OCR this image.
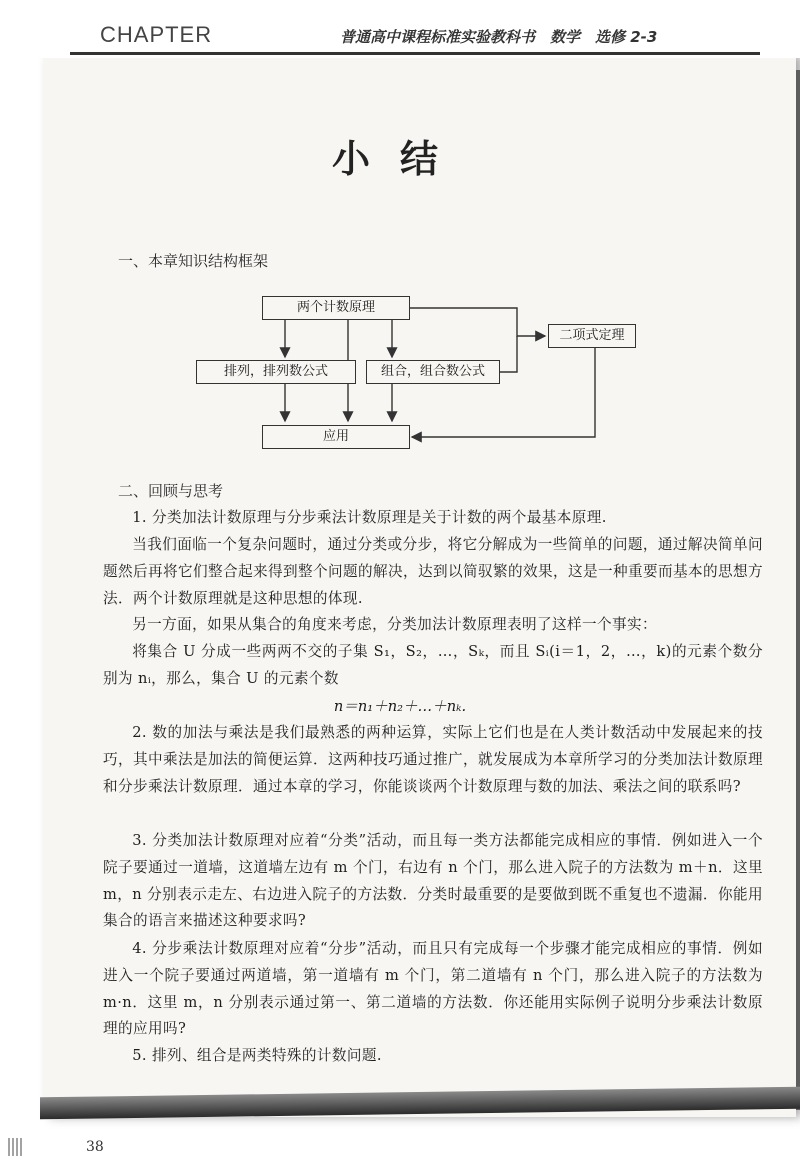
CHAPTER	普通高中课程标准实验教科书　数学　选修 2-3
小结
一、本章知识结构框架
两个计数原理
排列，排列数公式	组合，组合数公式
二项式定理
应用
二、回顾与思考

1. 分类加法计数原理与分步乘法计数原理是关于计数的两个最基本原理.

当我们面临一个复杂问题时，通过分类或分步，将它分解成为一些简单的问题，通过解决简单问题然后再将它们整合起来得到整个问题的解决，达到以简驭繁的效果，这是一种重要而基本的思想方法．两个计数原理就是这种思想的体现.

另一方面，如果从集合的角度来考虑，分类加法计数原理表明了这样一个事实：

将集合 U 分成一些两两不交的子集 S₁，S₂，…，Sₖ，而且 Sᵢ(i＝1，2，…，k)的元素个数分别为 nᵢ，那么，集合 U 的元素个数

n＝n₁＋n₂＋…＋nₖ.

2. 数的加法与乘法是我们最熟悉的两种运算，实际上它们也是在人类计数活动中发展起来的技巧，其中乘法是加法的简便运算．这两种技巧通过推广，就发展成为本章所学习的分类加法计数原理和分步乘法计数原理．通过本章的学习，你能谈谈两个计数原理与数的加法、乘法之间的联系吗?

3. 分类加法计数原理对应着“分类”活动，而且每一类方法都能完成相应的事情．例如进入一个院子要通过一道墙，这道墙左边有 m 个门，右边有 n 个门，那么进入院子的方法数为 m＋n．这里 m，n 分别表示走左、右边进入院子的方法数．分类时最重要的是要做到既不重复也不遗漏．你能用集合的语言来描述这种要求吗?

4. 分步乘法计数原理对应着“分步”活动，而且只有完成每一个步骤才能完成相应的事情．例如进入一个院子要通过两道墙，第一道墙有 m 个门，第二道墙有 n 个门，那么进入院子的方法数为 m·n．这里 m，n 分别表示通过第一、第二道墙的方法数．你还能用实际例子说明分步乘法计数原理的应用吗?

5. 排列、组合是两类特殊的计数问题.

38
